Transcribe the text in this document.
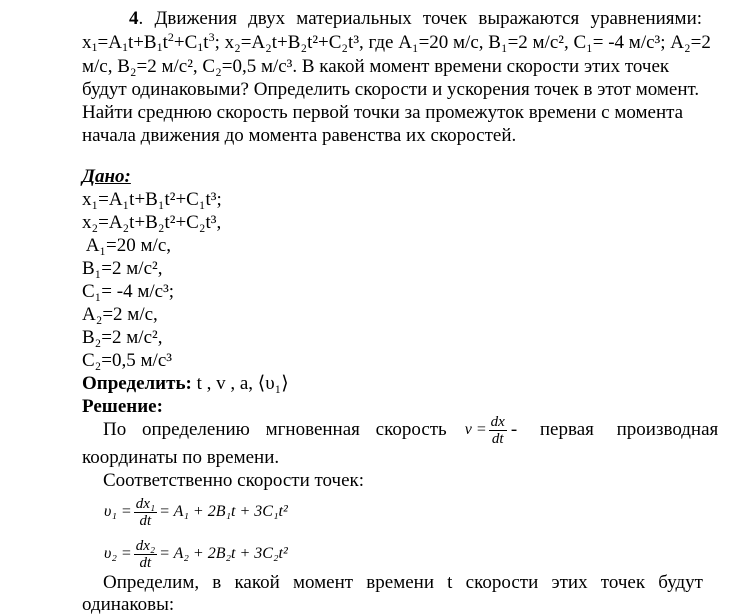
4. Движения двух материальных точек выражаются уравнениями:
$x_1=A_1t+B_1t^2+C_1t^3$; x₂=A₂t+B₂t²+C₂t³, где A₁=20 м/с, B₁=2 м/с², C₁= -4 м/с³; A₂=2
м/с, B₂=2 м/с², C₂=0,5 м/с³. В какой момент времени скорости этих точек
будут одинаковыми? Определить скорости и ускорения точек в этот момент.
Найти среднюю скорость первой точки за промежуток времени с момента
начала движения до момента равенства их скоростей.
Дано:
x₁=A₁t+B₁t²+C₁t³;
x₂=A₂t+B₂t²+C₂t³,
A₁=20 м/с,
B₁=2 м/с²,
C₁= -4 м/с³;
A₂=2 м/с,
B₂=2 м/с²,
C₂=0,5 м/с³
Определить: t , v , a, ⟨υ₁⟩
Решение:
По определению мгновенная скорость $v = \frac{dx}{dt}$ - первая производная
координаты по времени.
Соответственно скорости точек:
$\upsilon_1 = \frac{\text{dx₁}}{dt} = A_1 + 2B_1t + 3C_1t^2$
$\upsilon_2 = \frac{\text{dx₂}}{dt} = A_2 + 2B_2t + 3C_2t^2$
Определим, в какой момент времени t скорости этих точек будут
одинаковы:
